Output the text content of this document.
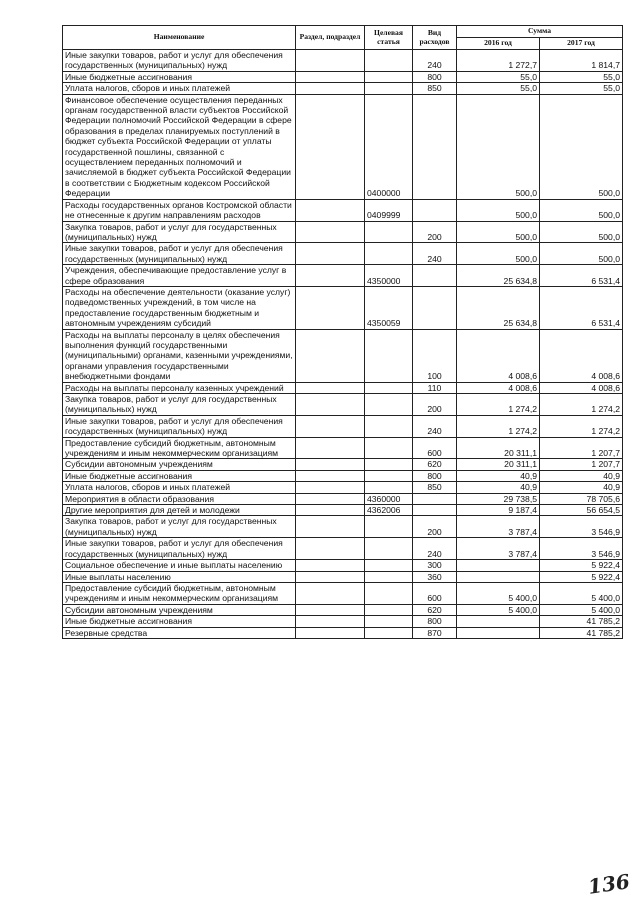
Наименование	Раздел, подраздел	Целевая статья	Вид расходов	Сумма	
				2016 год	2017 год
Иные закупки товаров, работ и услуг для обеспечения государственных (муниципальных) нужд			240	1 272,7	1 814,7
Иные бюджетные ассигнования			800	55,0	55,0
Уплата налогов, сборов и иных платежей			850	55,0	55,0
Финансовое обеспечение осуществления переданных органам государственной власти субъектов Российской Федерации полномочий Российской Федерации в сфере образования в пределах планируемых поступлений в бюджет субъекта Российской Федерации от уплаты государственной пошлины, связанной с осуществлением переданных полномочий и зачисляемой в бюджет субъекта Российской Федерации в соответствии с Бюджетным кодексом Российской Федерации		0400000		500,0	500,0
Расходы государственных органов Костромской области не отнесенные к другим направлениям расходов		0409999		500,0	500,0
Закупка товаров, работ и услуг для государственных (муниципальных) нужд			200	500,0	500,0
Иные закупки товаров, работ и услуг для обеспечения государственных (муниципальных) нужд			240	500,0	500,0
Учреждения, обеспечивающие предоставление услуг в сфере образования		4350000		25 634,8	6 531,4
Расходы на обеспечение деятельности (оказание услуг) подведомственных учреждений, в том числе на предоставление государственным бюджетным и автономным учреждениям субсидий		4350059		25 634,8	6 531,4
Расходы на выплаты персоналу в целях обеспечения выполнения функций государственными (муниципальными) органами, казенными учреждениями, органами управления государственными внебюджетными фондами			100	4 008,6	4 008,6
Расходы на выплаты персоналу казенных учреждений			110	4 008,6	4 008,6
Закупка товаров, работ и услуг для государственных (муниципальных) нужд			200	1 274,2	1 274,2
Иные закупки товаров, работ и услуг для обеспечения государственных (муниципальных) нужд			240	1 274,2	1 274,2
Предоставление субсидий бюджетным, автономным учреждениям и иным некоммерческим организациям			600	20 311,1	1 207,7
Субсидии автономным учреждениям			620	20 311,1	1 207,7
Иные бюджетные ассигнования			800	40,9	40,9
Уплата налогов, сборов и иных платежей			850	40,9	40,9
Мероприятия в области образования		4360000		29 738,5	78 705,6
Другие мероприятия для детей и молодежи		4362006		9 187,4	56 654,5
Закупка товаров, работ и услуг для государственных (муниципальных) нужд			200	3 787,4	3 546,9
Иные закупки товаров, работ и услуг для обеспечения государственных (муниципальных) нужд			240	3 787,4	3 546,9
Социальное обеспечение и иные выплаты населению			300		5 922,4
Иные выплаты населению			360		5 922,4
Предоставление субсидий бюджетным, автономным учреждениям и иным некоммерческим организациям			600	5 400,0	5 400,0
Субсидии автономным учреждениям			620	5 400,0	5 400,0
Иные бюджетные ассигнования			800		41 785,2
Резервные средства			870		41 785,2
136
